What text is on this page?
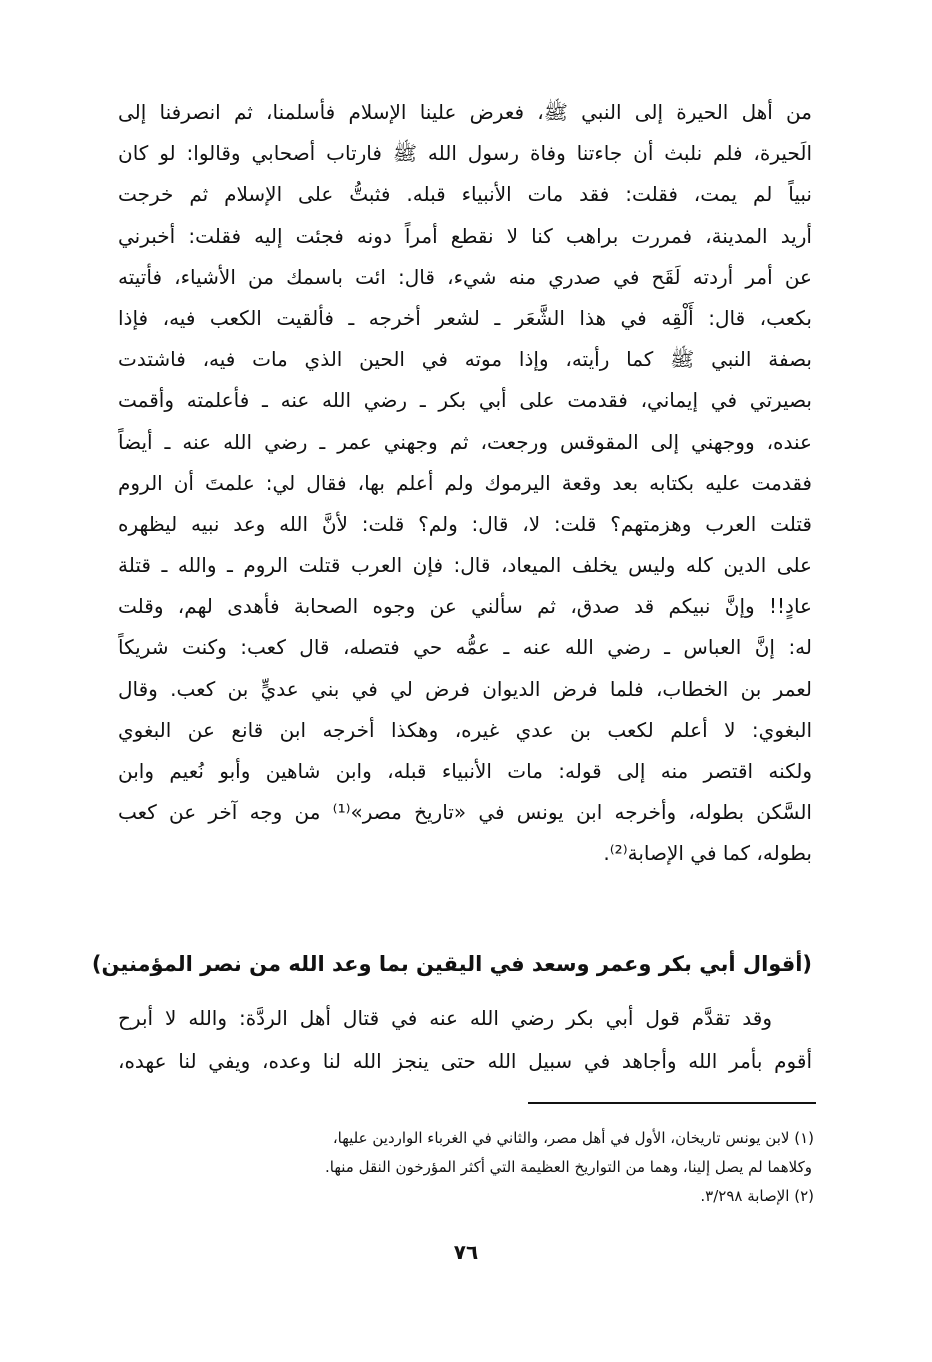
من أهل الحيرة إلى النبي ﷺ، فعرض علينا الإسلام فأسلمنا، ثم انصرفنا إلى
الَحيرة، فلم نلبث أن جاءتنا وفاة رسول الله ﷺ فارتاب أصحابي وقالوا: لو كان
نبياً لم يمت، فقلت: فقد مات الأنبياء قبله. فثبتُّ على الإسلام ثم خرجت
أريد المدينة، فمررت براهب كنا لا نقطع أمراً دونه فجئت إليه فقلت: أخبرني
عن أمر أردته لَقَح في صدري منه شيء، قال: ائت باسمك من الأشياء، فأتيته
بكعب، قال: أَلْقِه في هذا الشَّعَر ـ لشعر أخرجه ـ فألقيت الكعب فيه، فإذا
بصفة النبي ﷺ كما رأيته، وإذا موته في الحين الذي مات فيه، فاشتدت
بصيرتي في إيماني، فقدمت على أبي بكر ـ رضي الله عنه ـ فأعلمته وأقمت
عنده، ووجهني إلى المقوقس ورجعت، ثم وجهني عمر ـ رضي الله عنه ـ أيضاً
فقدمت عليه بكتابه بعد وقعة اليرموك ولم أعلم بها، فقال لي: علمتَ أن الروم
قتلت العرب وهزمتهم؟ قلت: لا، قال: ولم؟ قلت: لأنَّ الله وعد نبيه ليظهره
على الدين كله وليس يخلف الميعاد، قال: فإن العرب قتلت الروم ـ والله ـ قتلة
عادٍ!! وإنَّ نبيكم قد صدق، ثم سألني عن وجوه الصحابة فأهدى لهم، وقلت
له: إنَّ العباس ـ رضي الله عنه ـ عمُّه حي فتصله، قال كعب: وكنت شريكاً
لعمر بن الخطاب، فلما فرض الديوان فرض لي في بني عديٍّ بن كعب. وقال
البغوي: لا أعلم لكعب بن عدي غيره، وهكذا أخرجه ابن قانع عن البغوي
ولكنه اقتصر منه إلى قوله: مات الأنبياء قبله، وابن شاهين وأبو نُعيم وابن
السَّكن بطوله، وأخرجه ابن يونس في «تاريخ مصر»⁽¹⁾ من وجه آخر عن كعب
بطوله، كما في الإصابة⁽²⁾.
(أقوال أبي بكر وعمر وسعد في اليقين بما وعد الله من نصر المؤمنين)
وقد تقدَّم قول أبي بكر رضي الله عنه في قتال أهل الردَّة: والله لا أبرح
أقوم بأمر الله وأجاهد في سبيل الله حتى ينجز الله لنا وعده، ويفي لنا عهده،
(١) لابن يونس تاريخان، الأول في أهل مصر، والثاني في الغرباء الواردين عليها،
وكلاهما لم يصل إلينا، وهما من التواريخ العظيمة التي أكثر المؤرخون النقل منها.
(٢) الإصابة ٣/٢٩٨.
٧٦
